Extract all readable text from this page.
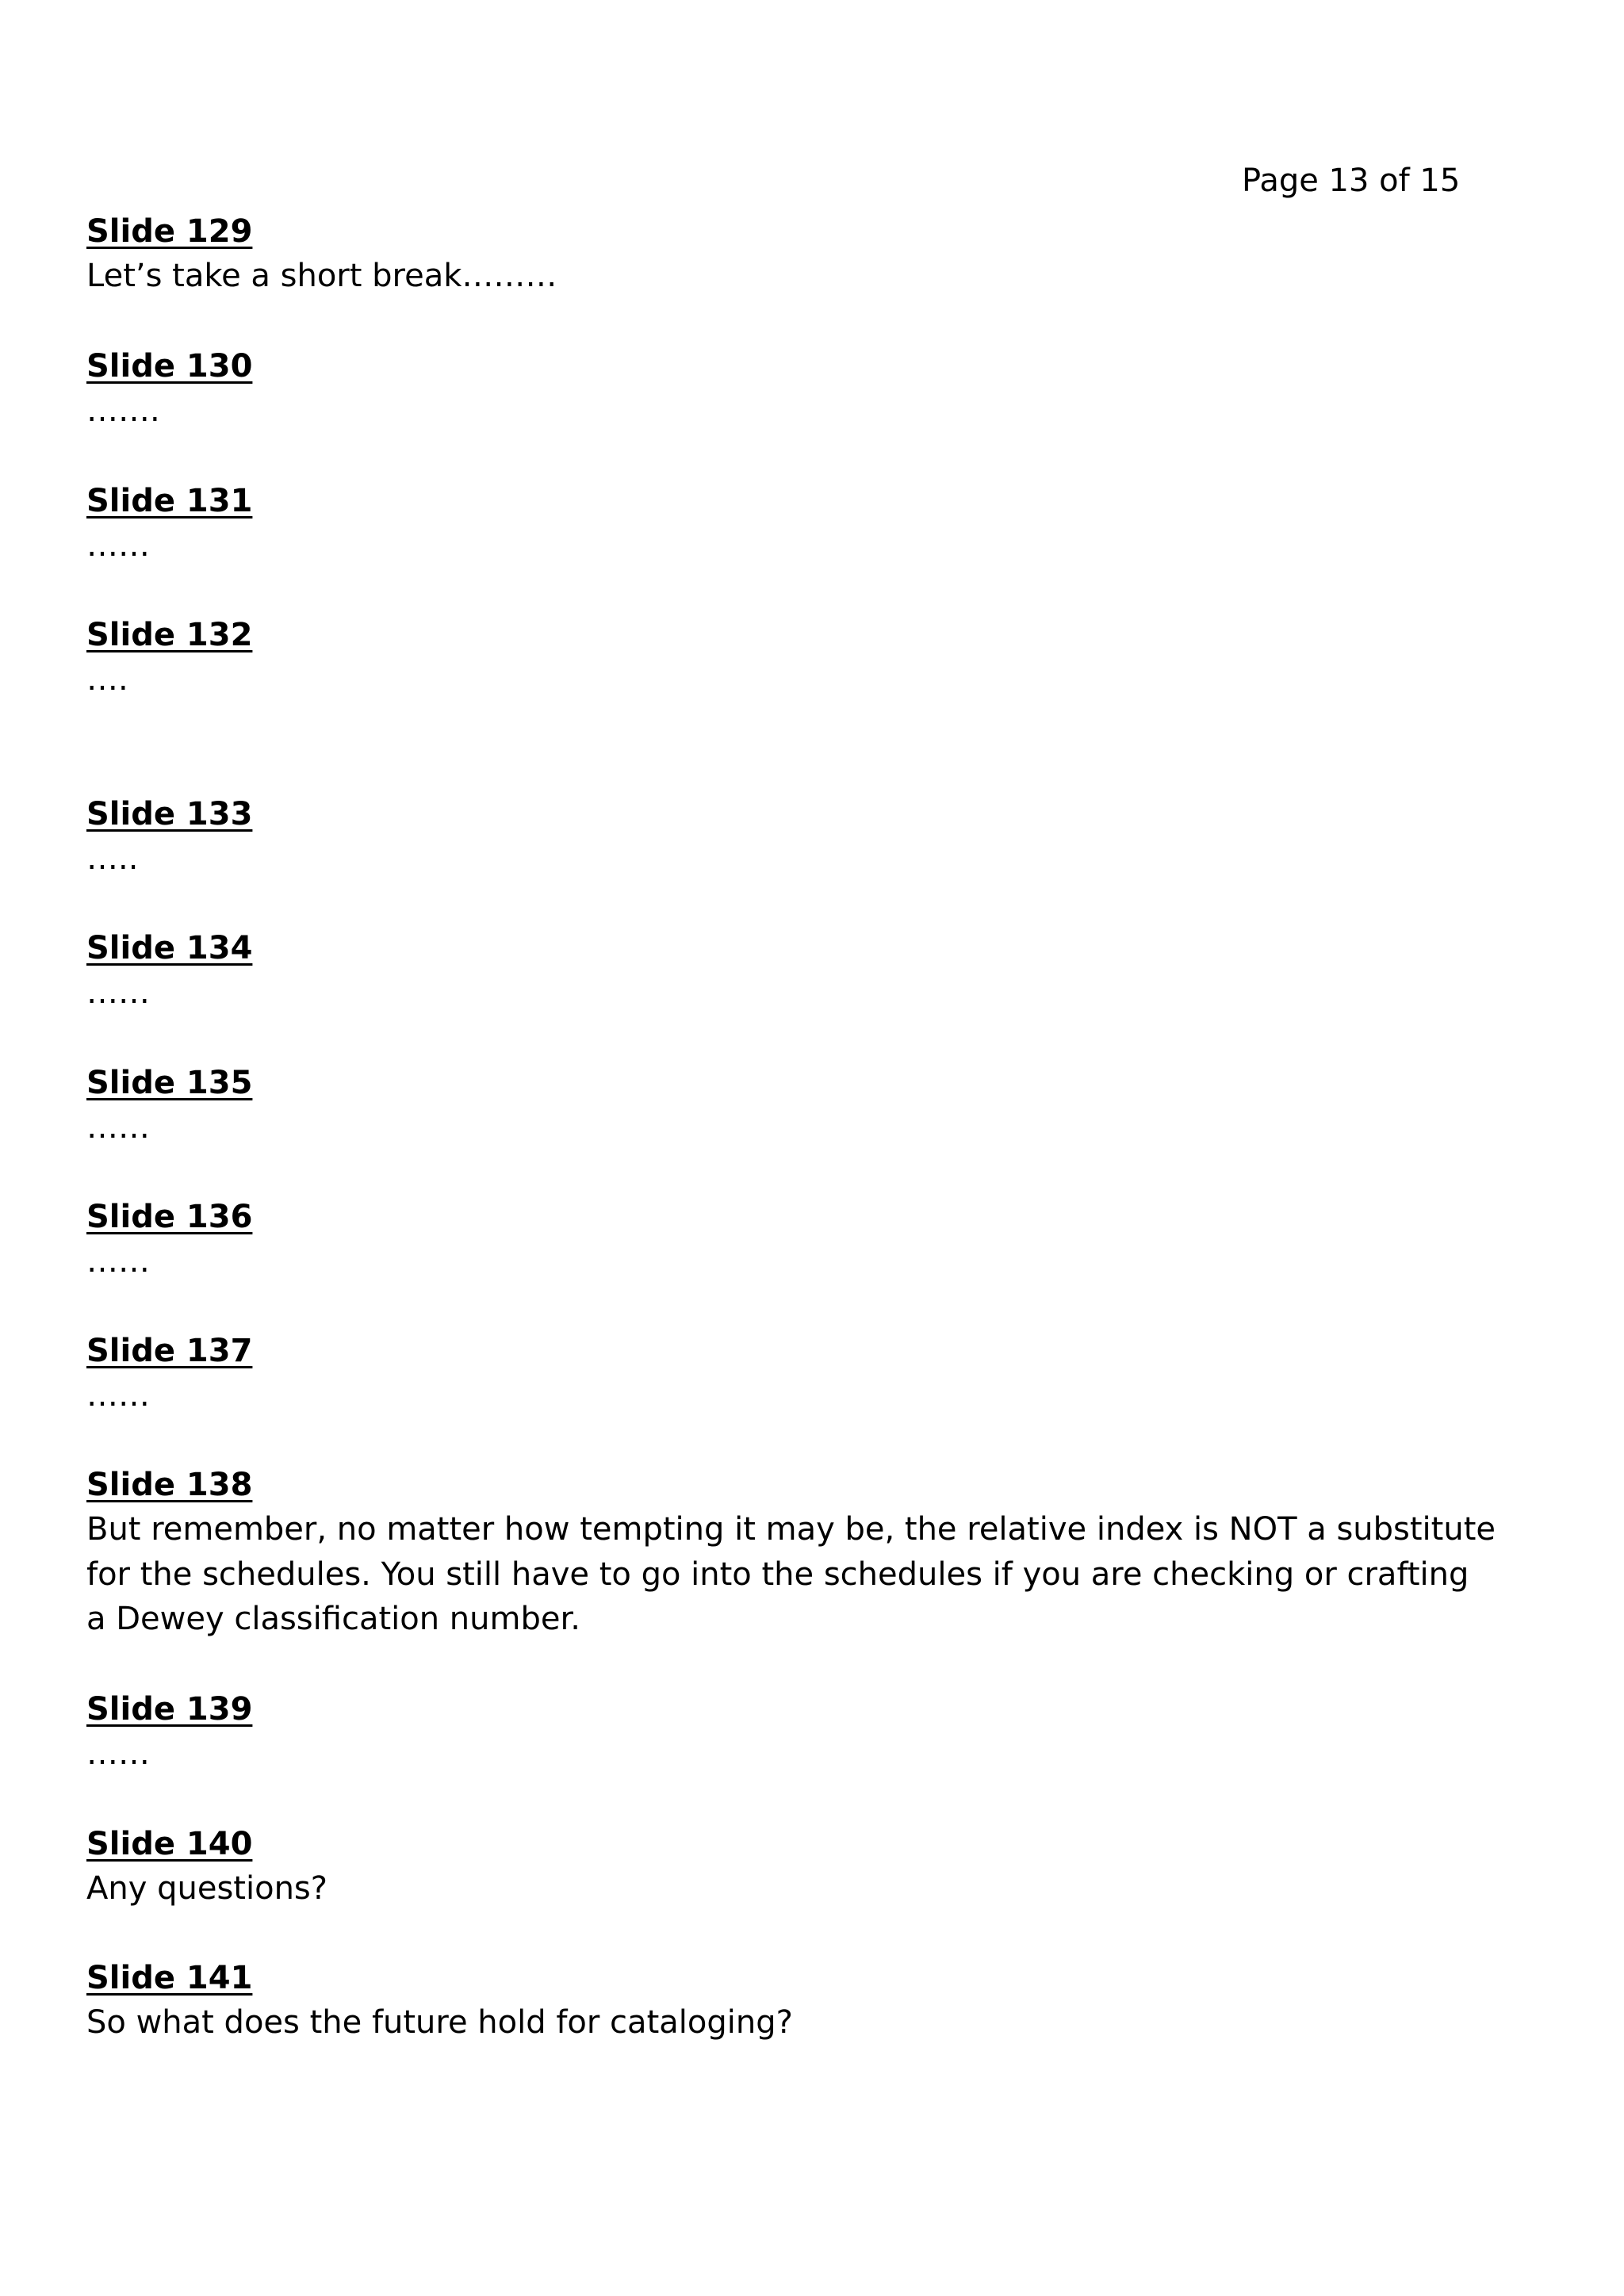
Page 13 of 15
Slide 129
Let’s take a short break………
Slide 130
…….
Slide 131
……
Slide 132
….
Slide 133
…..
Slide 134
……
Slide 135
……
Slide 136
……
Slide 137
……
Slide 138
But remember, no matter how tempting it may be, the relative index is NOT a substitute for the schedules. You still have to go into the schedules if you are checking or crafting a Dewey classification number.
Slide 139
……
Slide 140
Any questions?
Slide 141
So what does the future hold for cataloging?
